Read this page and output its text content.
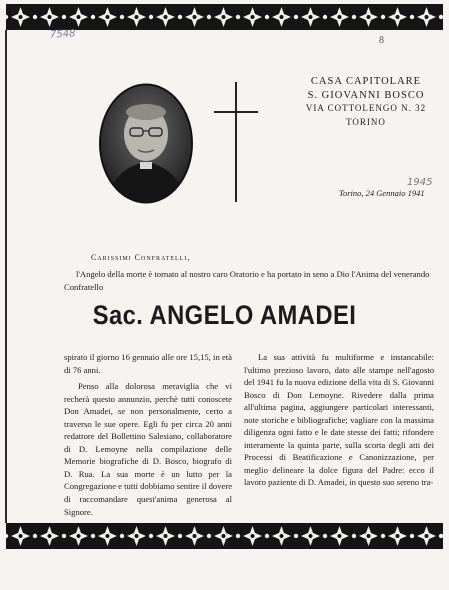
7548	8
CASA CAPITOLARE
S. GIOVANNI BOSCO
VIA COTTOLENGO N. 32
TORINO
1945
Torino, 24 Gennaio 1941
Carissimi Confratelli,
l'Angelo della morte è tornato al nostro caro Oratorio e ha portato in seno a Dio l'Anima del venerando Confratello
Sac. ANGELO AMADEI

spirato il giorno 16 gennaio alle ore 15,15, in età di 76 anni.

Penso alla dolorosa meraviglia che vi recherà questo annunzio, perchè tutti conoscete Don Amadei, se non personalmente, certo a traverso le sue opere. Egli fu per circa 20 anni redattore del Bollettino Salesiano, collaboratore di D. Lemoyne nella compilazione delle Memorie biografiche di D. Bosco, biografo di D. Rua. La sua morte è un lutto per la Congregazione e tutti dobbiamo sentire il dovere di raccomandare quest'anima generosa al Signore.

La sua attività fu multiforme e instancabile: l'ultimo prezioso lavoro, dato alle stampe nell'agosto del 1941 fu la nuova edizione della vita di S. Giovanni Bosco di Don Lemoyne. Rivedere dalla prima all'ultima pagina, aggiungere particolari interessanti, note storiche e bibliografiche; vagliare con la massima diligenza ogni fatto e le date stesse dei fatti; rifondere interamente la quinta parte, sulla scorta degli atti dei Processi di Beatificazione e Canonizzazione, per meglio delineare la dolce figura del Padre: ecco il lavoro paziente di D. Amadei, in questo suo sereno tra-
